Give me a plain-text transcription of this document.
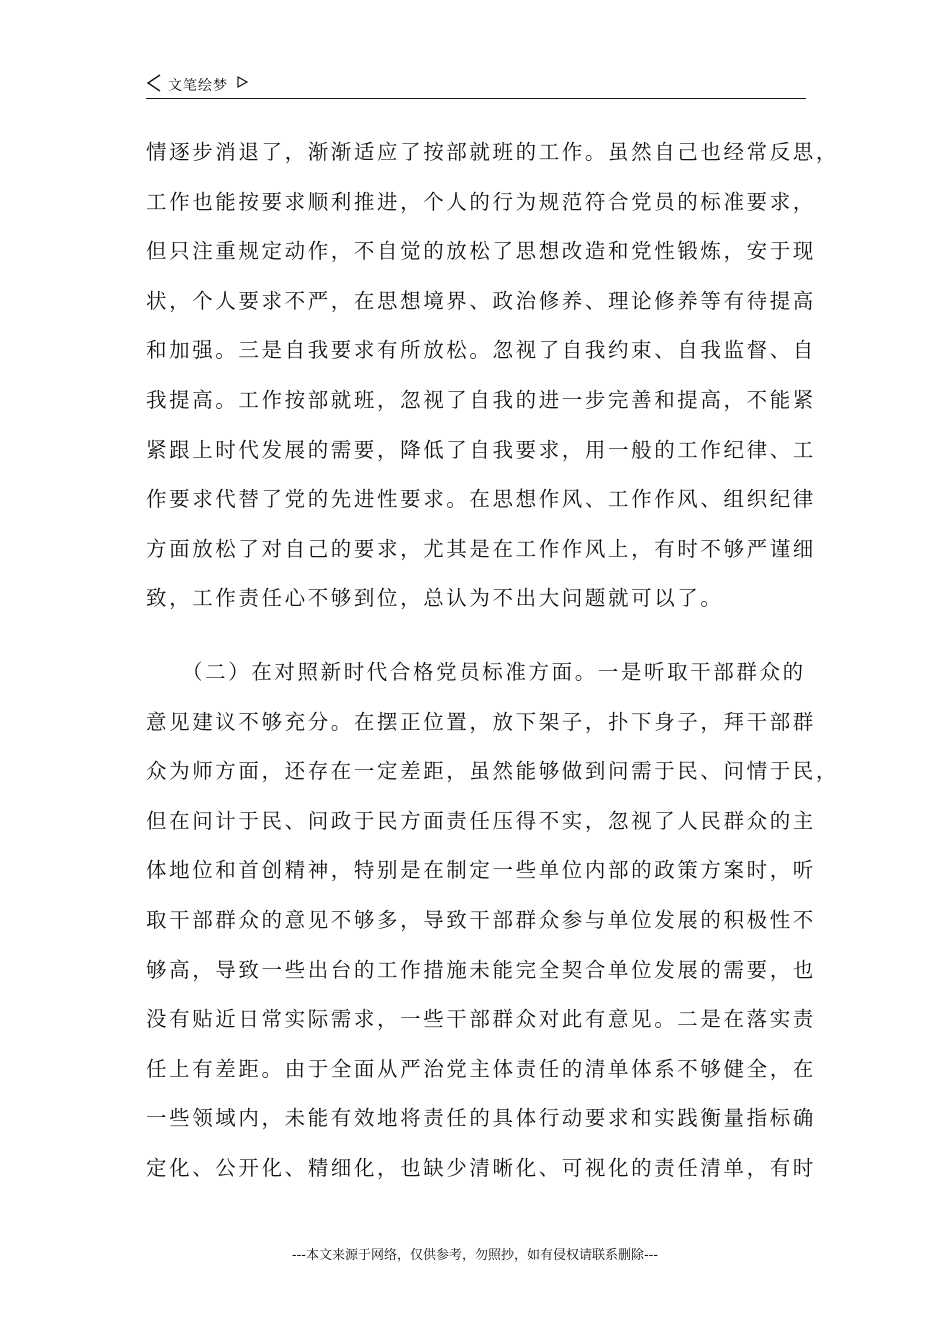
文笔绘梦
情逐步消退了，渐渐适应了按部就班的工作。虽然自己也经常反思，
工作也能按要求顺利推进，个人的行为规范符合党员的标准要求，
但只注重规定动作，不自觉的放松了思想改造和党性锻炼，安于现
状，个人要求不严，在思想境界、政治修养、理论修养等有待提高
和加强。三是自我要求有所放松。忽视了自我约束、自我监督、自
我提高。工作按部就班，忽视了自我的进一步完善和提高，不能紧
紧跟上时代发展的需要，降低了自我要求，用一般的工作纪律、工
作要求代替了党的先进性要求。在思想作风、工作作风、组织纪律
方面放松了对自己的要求，尤其是在工作作风上，有时不够严谨细
致，工作责任心不够到位，总认为不出大问题就可以了。
（二）在对照新时代合格党员标准方面。一是听取干部群众的
意见建议不够充分。在摆正位置，放下架子，扑下身子，拜干部群
众为师方面，还存在一定差距，虽然能够做到问需于民、问情于民，
但在问计于民、问政于民方面责任压得不实，忽视了人民群众的主
体地位和首创精神，特别是在制定一些单位内部的政策方案时，听
取干部群众的意见不够多，导致干部群众参与单位发展的积极性不
够高，导致一些出台的工作措施未能完全契合单位发展的需要，也
没有贴近日常实际需求，一些干部群众对此有意见。二是在落实责
任上有差距。由于全面从严治党主体责任的清单体系不够健全，在
一些领域内，未能有效地将责任的具体行动要求和实践衡量指标确
定化、公开化、精细化，也缺少清晰化、可视化的责任清单，有时
---本文来源于网络，仅供参考，勿照抄，如有侵权请联系删除---
